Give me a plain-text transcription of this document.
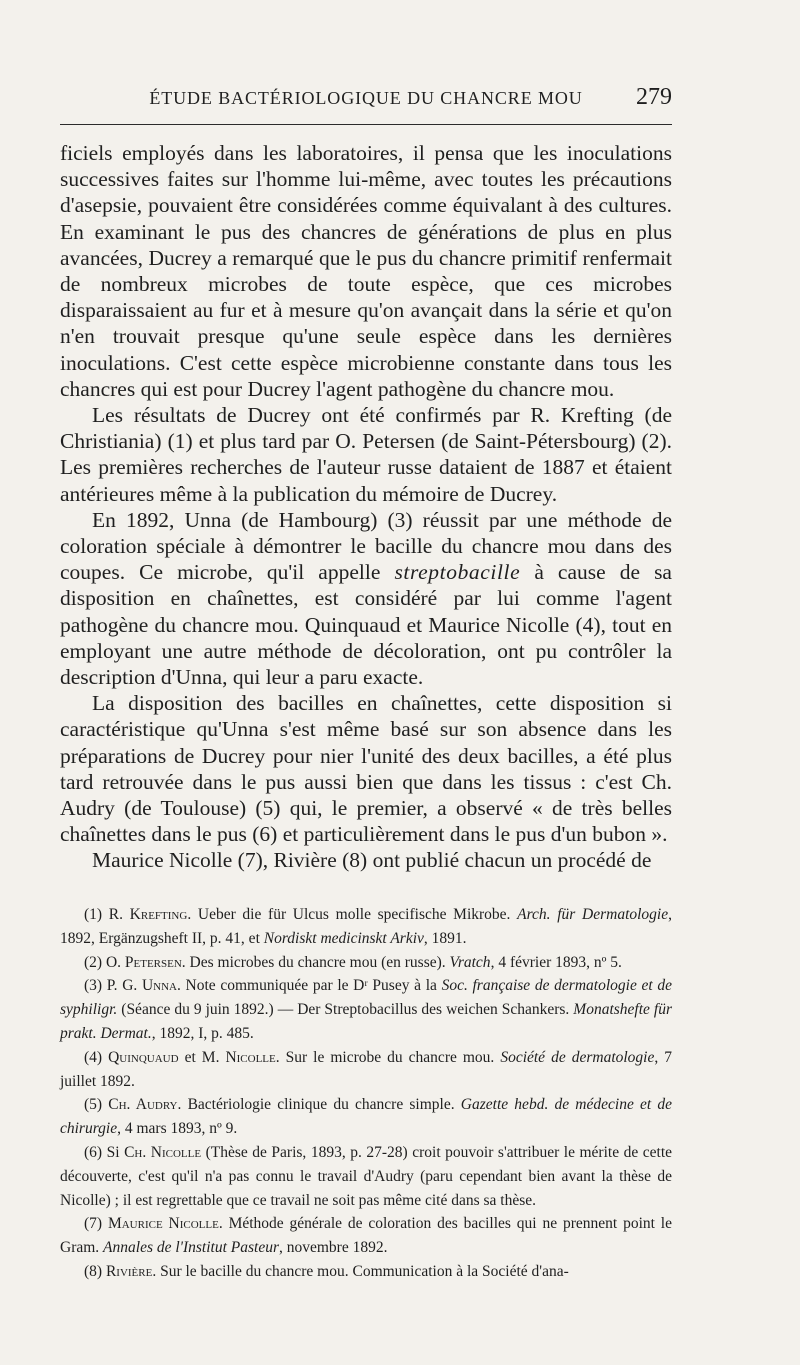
ÉTUDE BACTÉRIOLOGIQUE DU CHANCRE MOU	279

ficiels employés dans les laboratoires, il pensa que les inoculations successives faites sur l'homme lui-même, avec toutes les précautions d'asepsie, pouvaient être considérées comme équivalant à des cultures. En examinant le pus des chancres de générations de plus en plus avancées, Ducrey a remarqué que le pus du chancre primitif renfermait de nombreux microbes de toute espèce, que ces microbes disparaissaient au fur et à mesure qu'on avançait dans la série et qu'on n'en trouvait presque qu'une seule espèce dans les dernières inoculations. C'est cette espèce microbienne constante dans tous les chancres qui est pour Ducrey l'agent pathogène du chancre mou.

Les résultats de Ducrey ont été confirmés par R. Krefting (de Christiania) (1) et plus tard par O. Petersen (de Saint-Pétersbourg) (2). Les premières recherches de l'auteur russe dataient de 1887 et étaient antérieures même à la publication du mémoire de Ducrey.

En 1892, Unna (de Hambourg) (3) réussit par une méthode de coloration spéciale à démontrer le bacille du chancre mou dans des coupes. Ce microbe, qu'il appelle streptobacille à cause de sa disposition en chaînettes, est considéré par lui comme l'agent pathogène du chancre mou. Quinquaud et Maurice Nicolle (4), tout en employant une autre méthode de décoloration, ont pu contrôler la description d'Unna, qui leur a paru exacte.

La disposition des bacilles en chaînettes, cette disposition si caractéristique qu'Unna s'est même basé sur son absence dans les préparations de Ducrey pour nier l'unité des deux bacilles, a été plus tard retrouvée dans le pus aussi bien que dans les tissus : c'est Ch. Audry (de Toulouse) (5) qui, le premier, a observé « de très belles chaînettes dans le pus (6) et particulièrement dans le pus d'un bubon ».

Maurice Nicolle (7), Rivière (8) ont publié chacun un procédé de

(1) R. Krefting. Ueber die für Ulcus molle specifische Mikrobe. Arch. für Dermatologie, 1892, Ergänzugsheft II, p. 41, et Nordiskt medicinskt Arkiv, 1891.

(2) O. Petersen. Des microbes du chancre mou (en russe). Vratch, 4 février 1893, nº 5.

(3) P. G. Unna. Note communiquée par le Dʳ Pusey à la Soc. française de dermatologie et de syphiligr. (Séance du 9 juin 1892.) — Der Streptobacillus des weichen Schankers. Monatshefte für prakt. Dermat., 1892, I, p. 485.

(4) Quinquaud et M. Nicolle. Sur le microbe du chancre mou. Société de dermatologie, 7 juillet 1892.

(5) Ch. Audry. Bactériologie clinique du chancre simple. Gazette hebd. de médecine et de chirurgie, 4 mars 1893, nº 9.

(6) Si Ch. Nicolle (Thèse de Paris, 1893, p. 27-28) croit pouvoir s'attribuer le mérite de cette découverte, c'est qu'il n'a pas connu le travail d'Audry (paru cependant bien avant la thèse de Nicolle) ; il est regrettable que ce travail ne soit pas même cité dans sa thèse.

(7) Maurice Nicolle. Méthode générale de coloration des bacilles qui ne prennent point le Gram. Annales de l'Institut Pasteur, novembre 1892.

(8) Rivière. Sur le bacille du chancre mou. Communication à la Société d'ana-
